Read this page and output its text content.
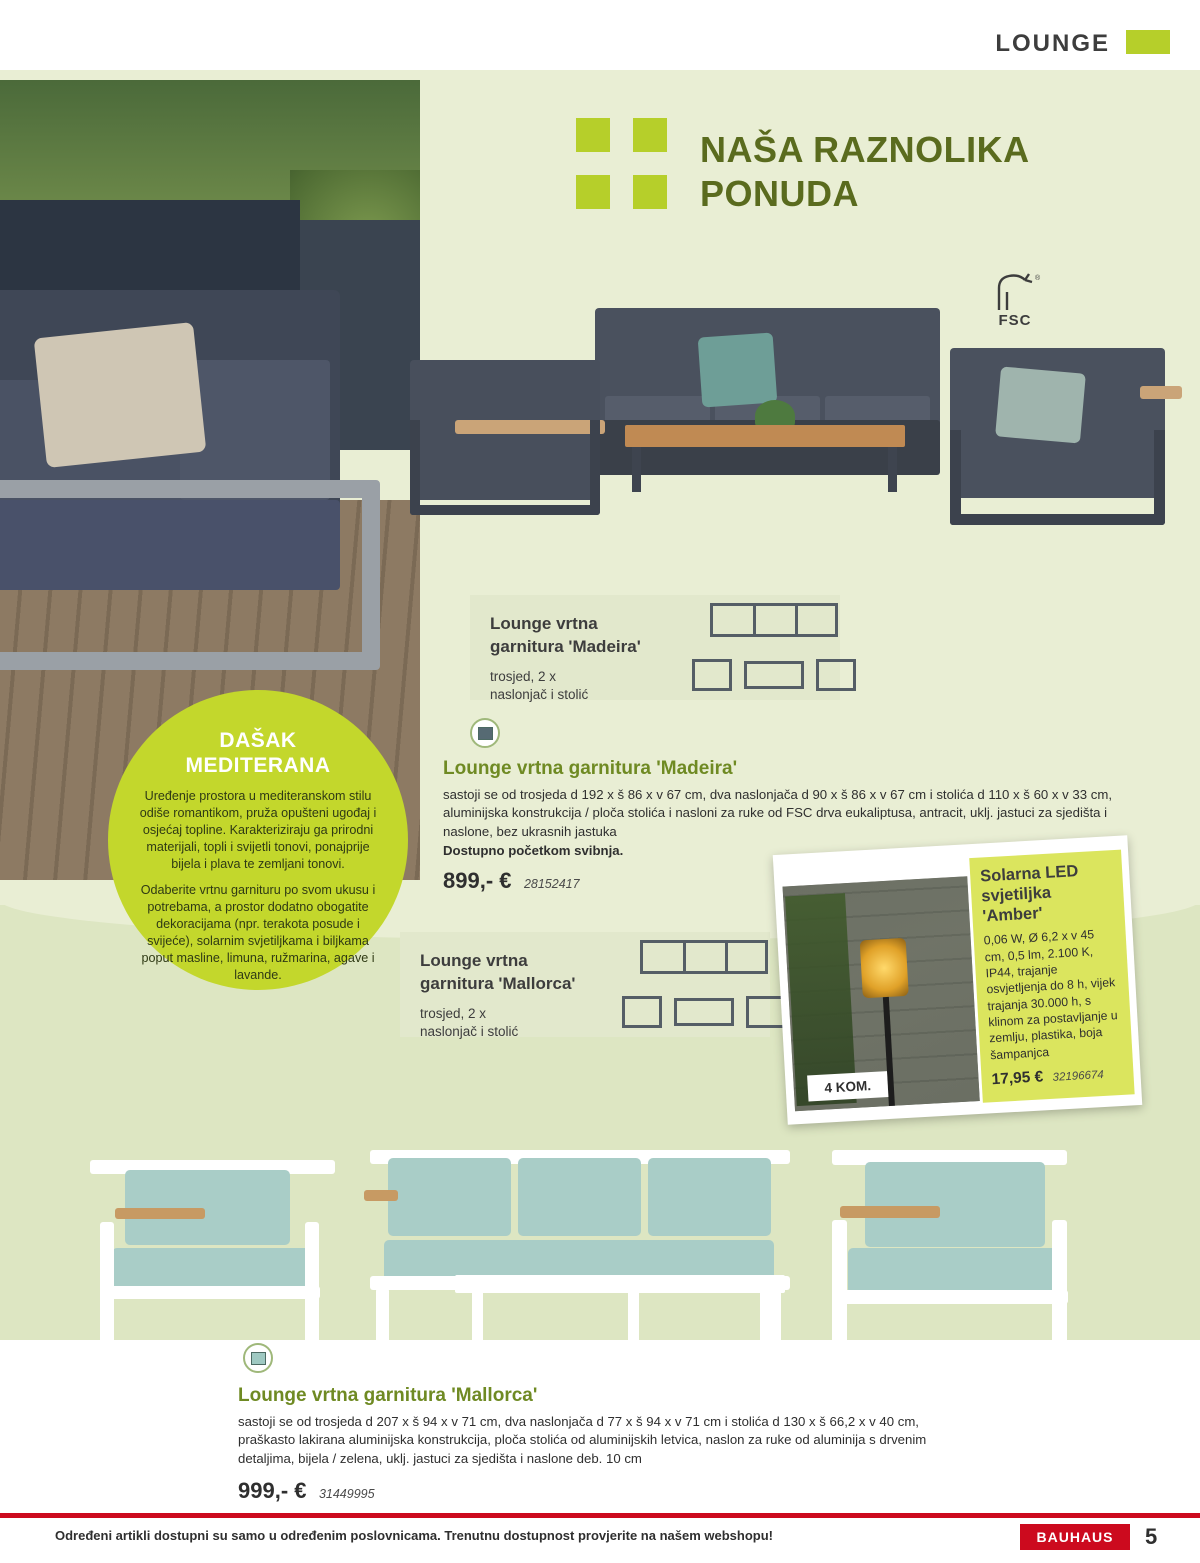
LOUNGE
NAŠA RAZNOLIKA
PONUDA
®
FSC
Lounge vrtna
garnitura 'Madeira'
trosjed, 2 x
naslonjač i stolić
Lounge vrtna garnitura 'Madeira'
sastoji se od trosjeda d 192 x š 86 x v 67 cm, dva naslonjača d 90 x š 86 x v 67 cm i stolića d 110 x š 60 x v 33 cm, aluminijska konstrukcija / ploča stolića i nasloni za ruke od FSC drva eukaliptusa, antracit, uklj. jastuci za sjedišta i naslone, bez ukrasnih jastuka
Dostupno početkom svibnja.
899,- € 28152417
DAŠAK
MEDITERANA

Uređenje prostora u mediteranskom stilu odiše romantikom, pruža opušteni ugođaj i osjećaj topline. Karakteriziraju ga prirodni materijali, topli i svijetli tonovi, ponajprije bijela i plava te zemljani tonovi.

Odaberite vrtnu garnituru po svom ukusu i potrebama, a prostor dodatno obogatite dekoracijama (npr. terakota posude i svijeće), solarnim svjetiljkama i biljkama poput masline, limuna, ružmarina, agave i lavande.

Lounge vrtna
garnitura 'Mallorca'
trosjed, 2 x
naslonjač i stolić
4 KOM.
Solarna LED
svjetiljka
'Amber'
0,06 W, Ø 6,2 x v 45 cm, 0,5 lm, 2.100 K, IP44, trajanje osvjetljenja do 8 h, vijek trajanja 30.000 h, s klinom za postavljanje u zemlju, plastika, boja šampanjca
17,95 € 32196674
Lounge vrtna garnitura 'Mallorca'
sastoji se od trosjeda d 207 x š 94 x v 71 cm, dva naslonjača d 77 x š 94 x v 71 cm i stolića d 130 x š 66,2 x v 40 cm, praškasto lakirana aluminijska konstrukcija, ploča stolića od aluminijskih letvica, naslon za ruke od aluminija s drvenim detaljima, bijela / zelena, uklj. jastuci za sjedišta i naslone deb. 10 cm
999,- € 31449995
Određeni artikli dostupni su samo u određenim poslovnicama. Trenutnu dostupnost provjerite na našem webshopu!	BAUHAUS	5
